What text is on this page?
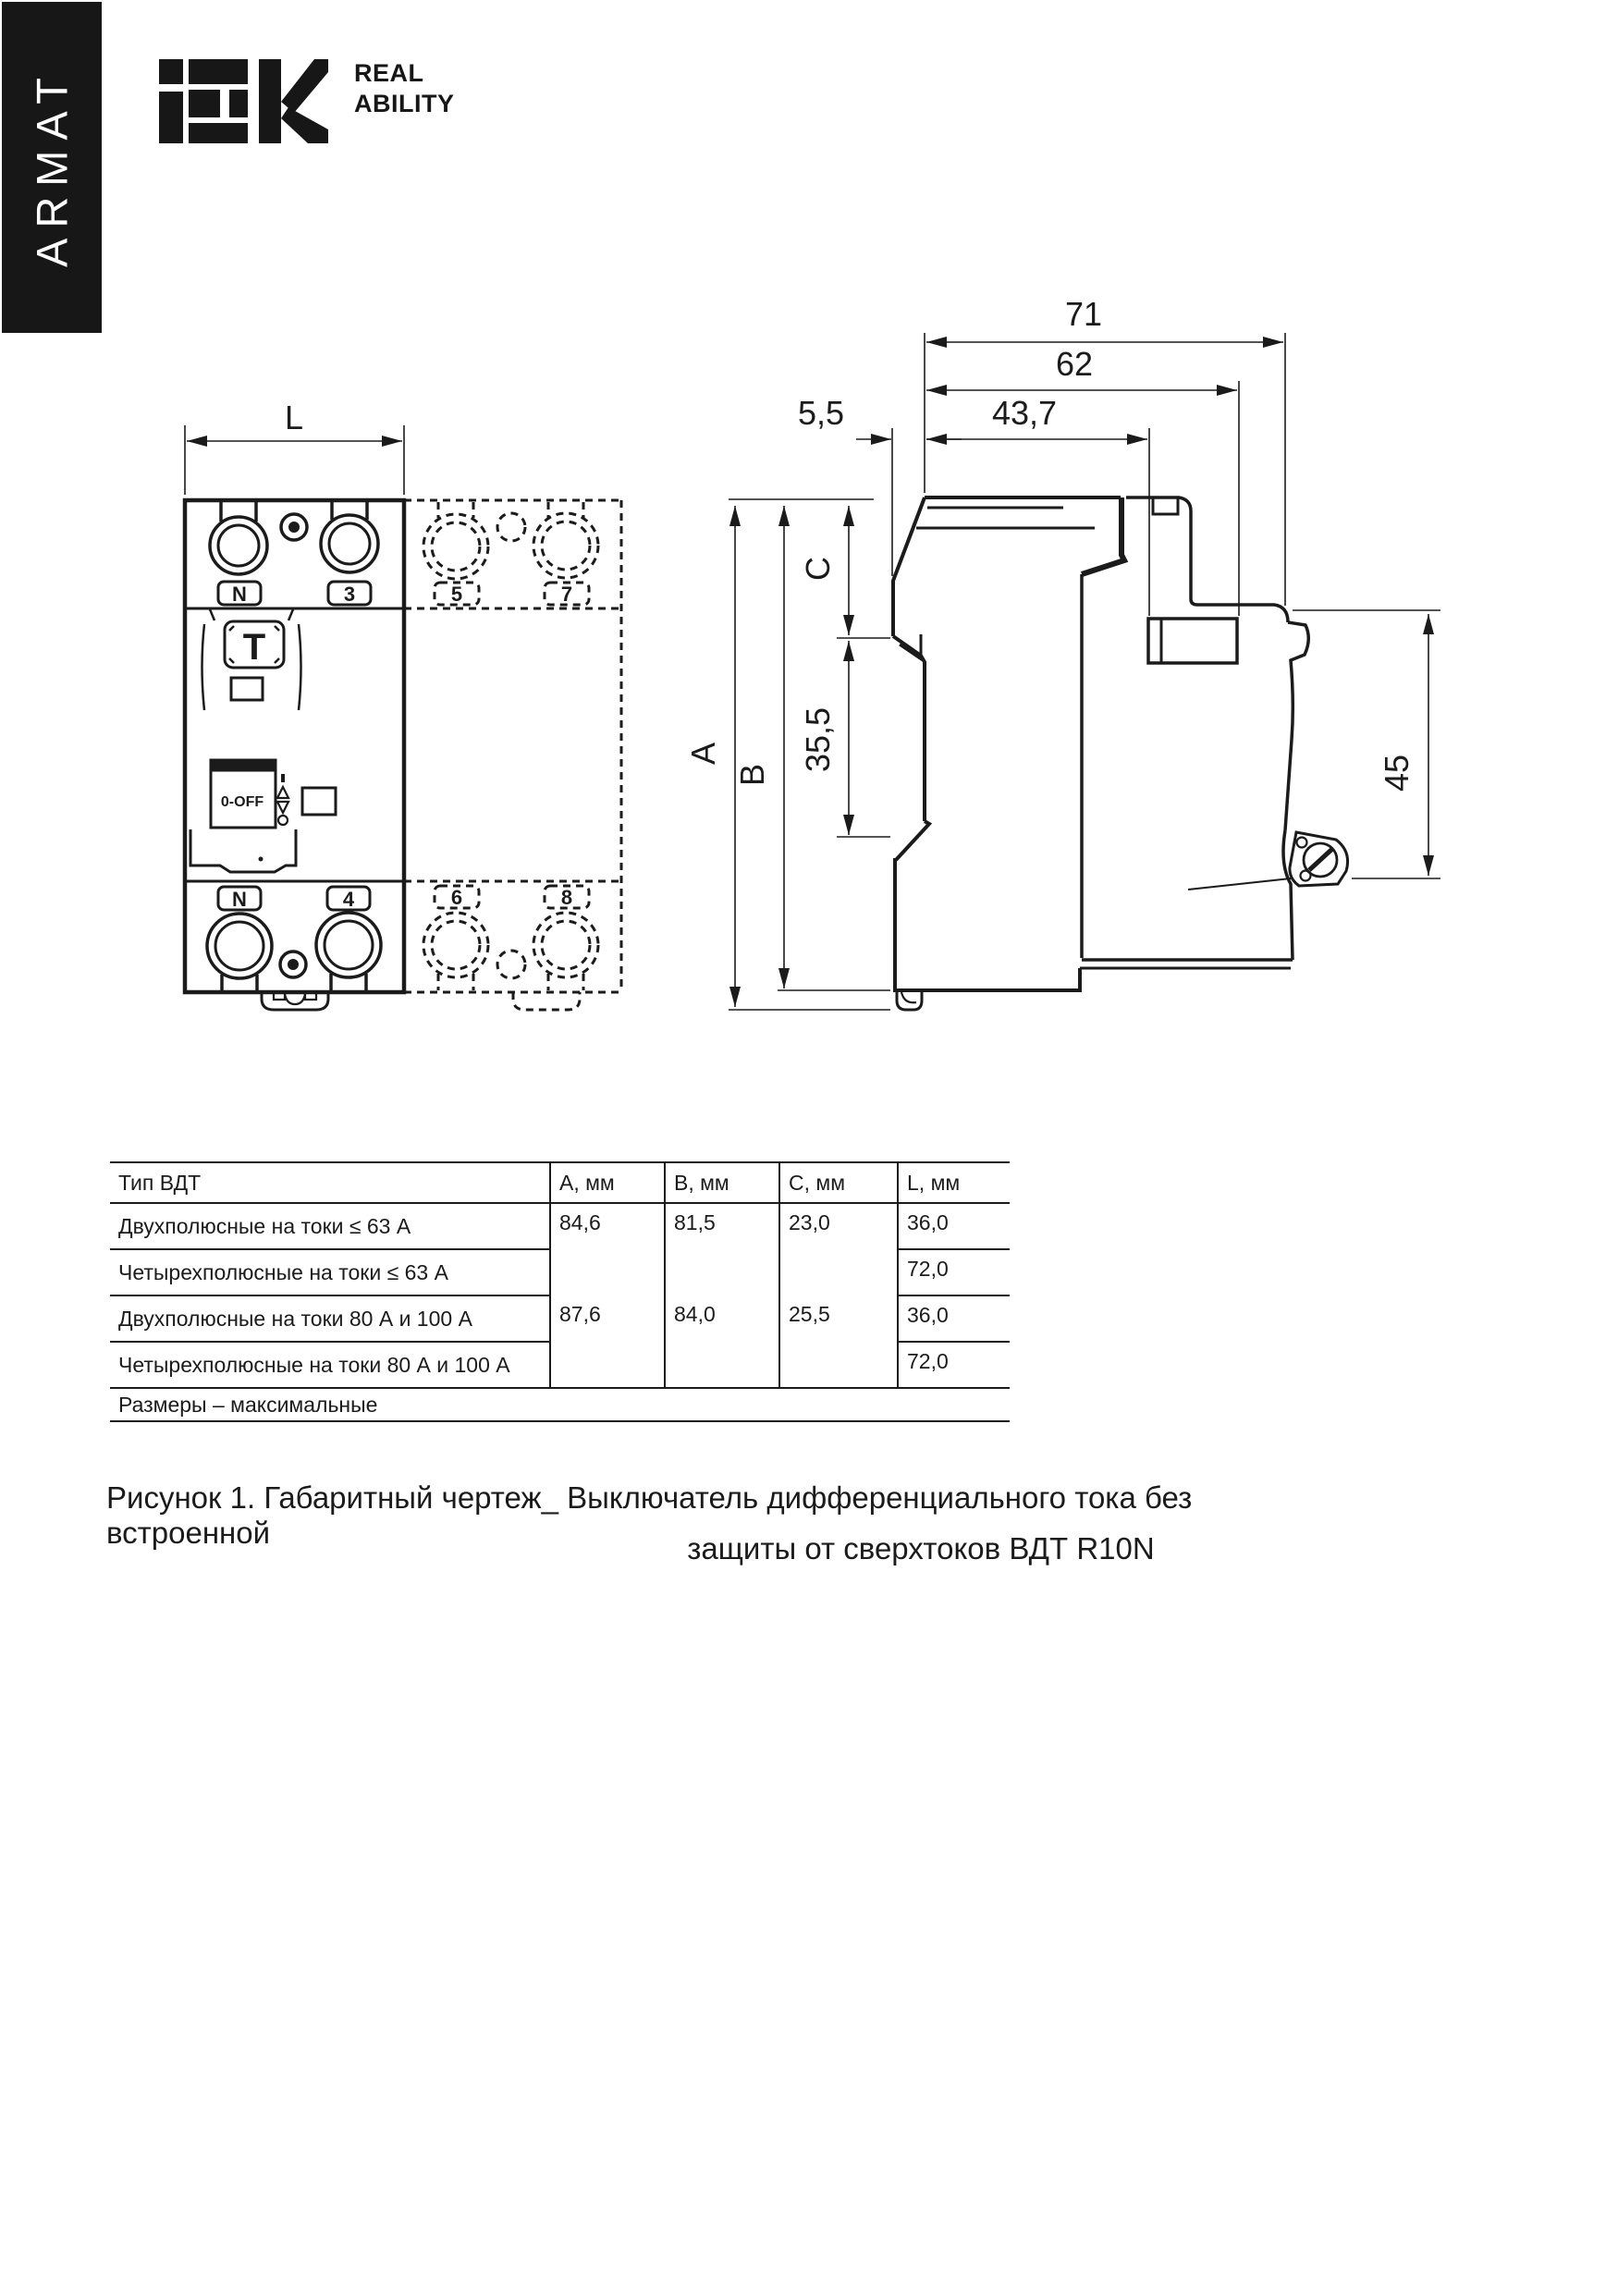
ARMAT	REAL
ABILITY
L
N	3
T
0-OFF
N	4
5	7
6	8
71
62
43,7
5,5
A
B
C
35,5
45
Тип ВДТ	А, мм	В, мм	С, мм	L, мм
Двухполюсные на токи ≤ 63 А	84,6	81,5	23,0	36,0
Четырехполюсные на токи ≤ 63 А				72,0
Двухполюсные на токи 80 А и 100 А	87,6	84,0	25,5	36,0
Четырехполюсные на токи 80 А и 100 А				72,0
Размеры – максимальные				
Рисунок 1. Габаритный чертеж_ Выключатель дифференциального тока без встроенной	защиты от сверхтоков ВДТ R10N
